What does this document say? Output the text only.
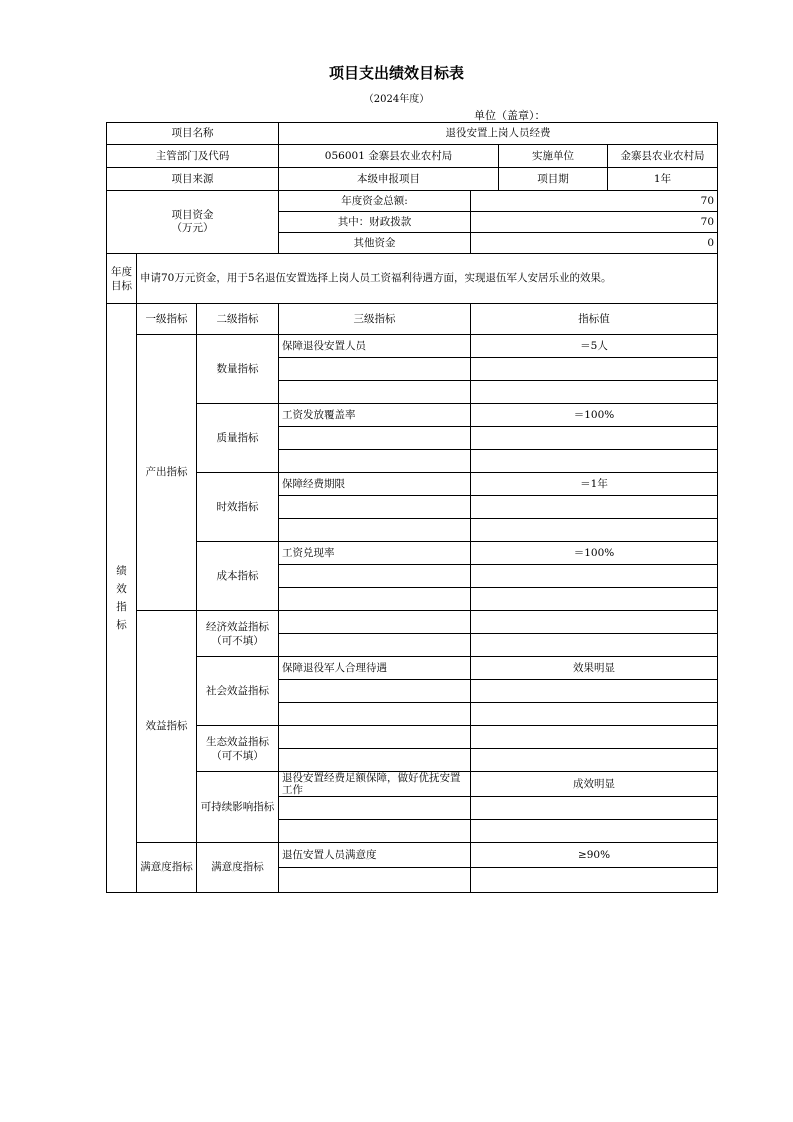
项目支出绩效目标表
（2024年度）
单位（盖章）：
项目名称			退役安置上岗人员经费	
主管部门及代码			056001 金寨县农业农村局 实施单位 金寨县农业农村局	

项目来源			本级申报项目 项目期 1年	

项目资金
（万元）			年度资金总额:	70
			其中：财政拨款	70
			其他资金	0
年度目标	申请70万元资金，用于5名退伍安置选择上岗人员工资福利待遇方面，实现退伍军人安居乐业的效果。			
绩效指标	一级指标	二级指标	三级指标	指标值
	产出指标	数量指标	保障退役安置人员	＝5人

		质量指标	工资发放覆盖率	＝100%

		时效指标	保障经费期限	＝1年

		成本指标	工资兑现率	＝100%

	效益指标	经济效益指标（可不填）		

		社会效益指标	保障退役军人合理待遇	效果明显

		生态效益指标（可不填）		

		可持续影响指标	退役安置经费足额保障，做好优抚安置工作	成效明显

	满意度指标	满意度指标	退伍安置人员满意度	≥90%
